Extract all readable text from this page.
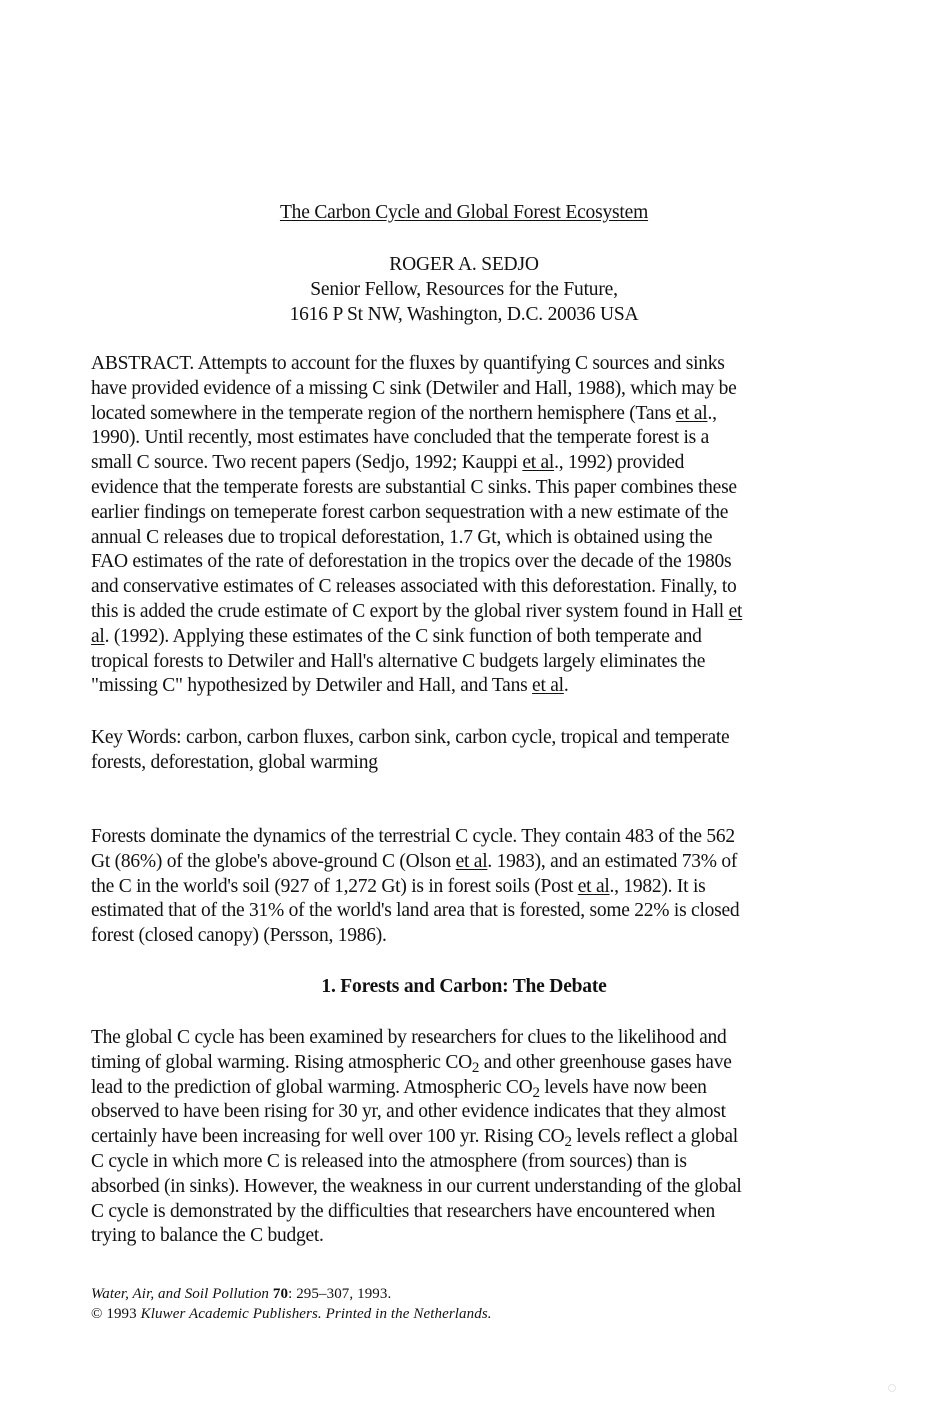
The Carbon Cycle and Global Forest Ecosystem
ROGER A. SEDJO
Senior Fellow, Resources for the Future,
1616 P St NW, Washington, D.C. 20036 USA
ABSTRACT. Attempts to account for the fluxes by quantifying C sources and sinks
have provided evidence of a missing C sink (Detwiler and Hall, 1988), which may be
located somewhere in the temperate region of the northern hemisphere (Tans et al.,
1990). Until recently, most estimates have concluded that the temperate forest is a
small C source. Two recent papers (Sedjo, 1992; Kauppi et al., 1992) provided
evidence that the temperate forests are substantial C sinks. This paper combines these
earlier findings on temeperate forest carbon sequestration with a new estimate of the
annual C releases due to tropical deforestation, 1.7 Gt, which is obtained using the
FAO estimates of the rate of deforestation in the tropics over the decade of the 1980s
and conservative estimates of C releases associated with this deforestation. Finally, to
this is added the crude estimate of C export by the global river system found in Hall et
al. (1992). Applying these estimates of the C sink function of both temperate and
tropical forests to Detwiler and Hall's alternative C budgets largely eliminates the
"missing C" hypothesized by Detwiler and Hall, and Tans et al.
Key Words: carbon, carbon fluxes, carbon sink, carbon cycle, tropical and temperate
forests, deforestation, global warming
Forests dominate the dynamics of the terrestrial C cycle. They contain 483 of the 562
Gt (86%) of the globe's above-ground C (Olson et al. 1983), and an estimated 73% of
the C in the world's soil (927 of 1,272 Gt) is in forest soils (Post et al., 1982). It is
estimated that of the 31% of the world's land area that is forested, some 22% is closed
forest (closed canopy) (Persson, 1986).
1. Forests and Carbon: The Debate
The global C cycle has been examined by researchers for clues to the likelihood and
timing of global warming. Rising atmospheric $CO_2$ and other greenhouse gases have
lead to the prediction of global warming. Atmospheric $CO_2$ levels have now been
observed to have been rising for 30 yr, and other evidence indicates that they almost
certainly have been increasing for well over 100 yr. Rising $CO_2$ levels reflect a global
C cycle in which more C is released into the atmosphere (from sources) than is
absorbed (in sinks). However, the weakness in our current understanding of the global
C cycle is demonstrated by the difficulties that researchers have encountered when
trying to balance the C budget.
Water, Air, and Soil Pollution 70: 295–307, 1993.
© 1993 Kluwer Academic Publishers. Printed in the Netherlands.
